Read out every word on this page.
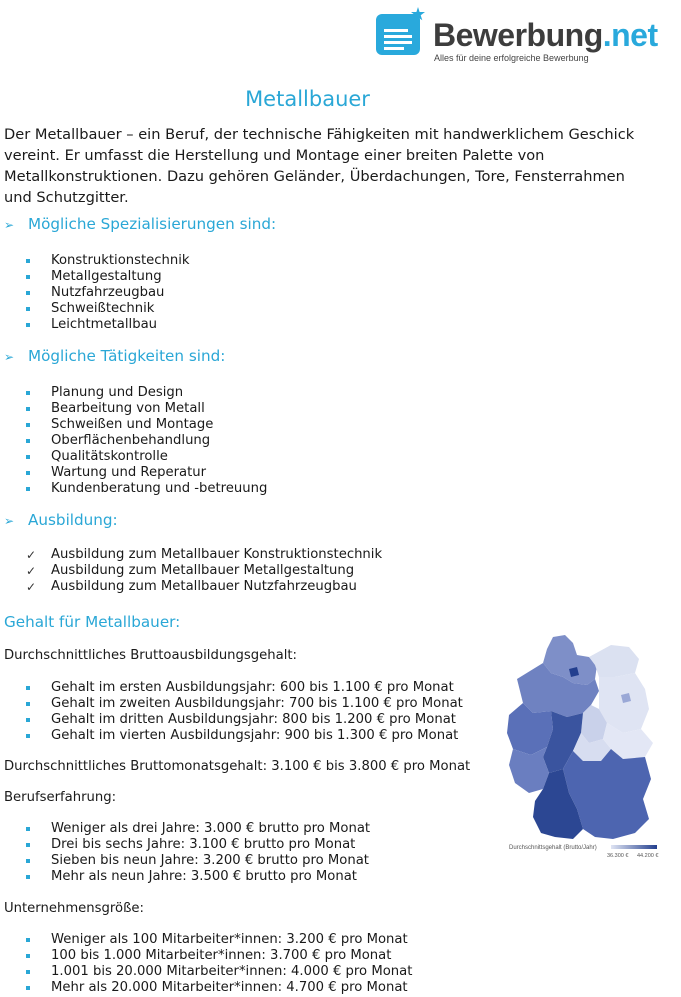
Bewerbung.net
Alles für deine erfolgreiche Bewerbung
Metallbauer
Der Metallbauer – ein Beruf, der technische Fähigkeiten mit handwerklichem Geschick vereint. Er umfasst die Herstellung und Montage einer breiten Palette von Metallkonstruktionen. Dazu gehören Geländer, Überdachungen, Tore, Fensterrahmen und Schutzgitter.
➢ Mögliche Spezialisierungen sind:
Konstruktionstechnik
Metallgestaltung
Nutzfahrzeugbau
Schweißtechnik
Leichtmetallbau
➢ Mögliche Tätigkeiten sind:
Planung und Design
Bearbeitung von Metall
Schweißen und Montage
Oberflächenbehandlung
Qualitätskontrolle
Wartung und Reperatur
Kundenberatung und -betreuung
➢ Ausbildung:
✓ Ausbildung zum Metallbauer Konstruktionstechnik
✓ Ausbildung zum Metallbauer Metallgestaltung
✓ Ausbildung zum Metallbauer Nutzfahrzeugbau
Gehalt für Metallbauer:
Durchschnittliches Bruttoausbildungsgehalt:
Gehalt im ersten Ausbildungsjahr: 600 bis 1.100 € pro Monat
Gehalt im zweiten Ausbildungsjahr: 700 bis 1.100 € pro Monat
Gehalt im dritten Ausbildungsjahr: 800 bis 1.200 € pro Monat
Gehalt im vierten Ausbildungsjahr: 900 bis 1.300 € pro Monat
Durchschnittliches Bruttomonatsgehalt: 3.100 € bis 3.800 € pro Monat
Berufserfahrung:
Weniger als drei Jahre: 3.000 € brutto pro Monat
Drei bis sechs Jahre: 3.100 € brutto pro Monat
Sieben bis neun Jahre: 3.200 € brutto pro Monat
Mehr als neun Jahre: 3.500 € brutto pro Monat
Unternehmensgröße:
Weniger als 100 Mitarbeiter*innen: 3.200 € pro Monat
100 bis 1.000 Mitarbeiter*innen: 3.700 € pro Monat
1.001 bis 20.000 Mitarbeiter*innen: 4.000 € pro Monat
Mehr als 20.000 Mitarbeiter*innen: 4.700 € pro Monat
Durchschnittsgehalt (Brutto/Jahr)
36.300 € 44.200 €
